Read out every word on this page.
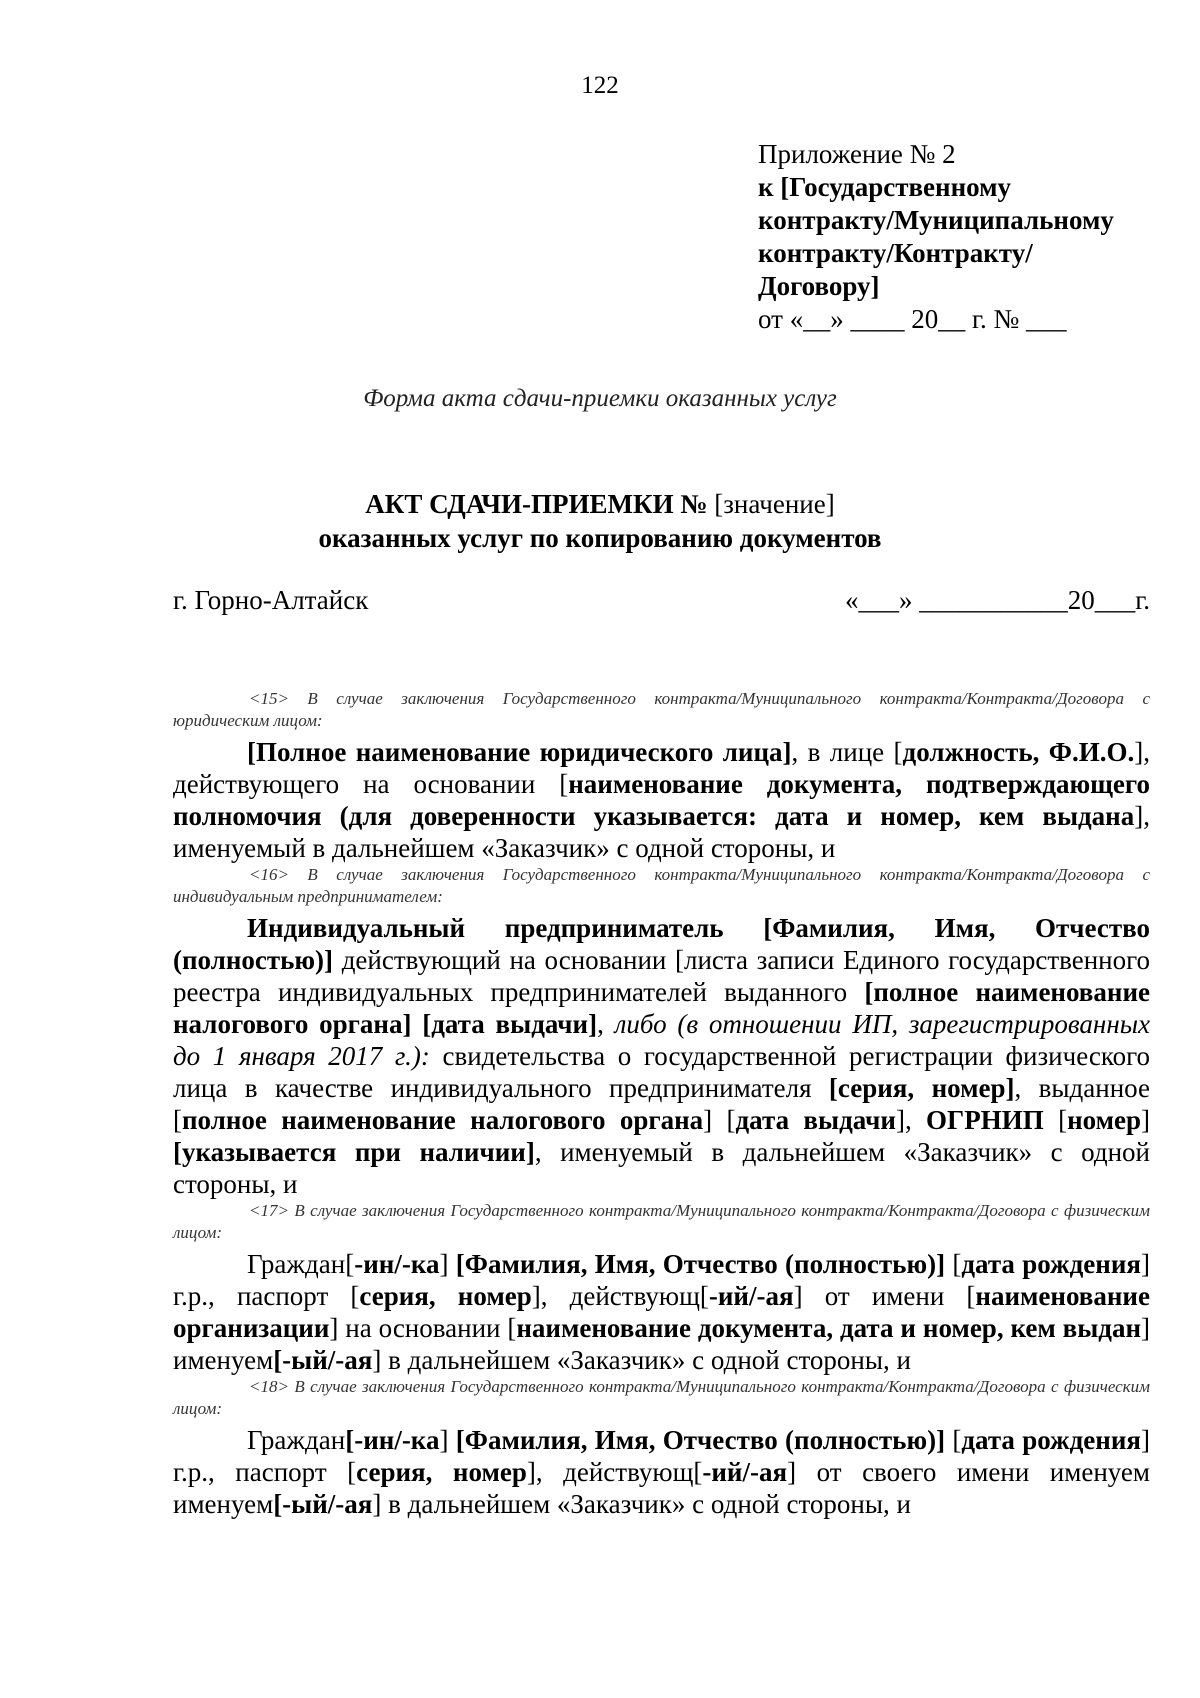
122
Приложение № 2
к [Государственному
контракту/Муниципальному
контракту/Контракту/
Договору]
от «__» ____ 20__ г. № ___
Форма акта сдачи-приемки оказанных услуг
АКТ СДАЧИ-ПРИЕМКИ № [значение]
оказанных услуг по копированию документов
г. Горно-Алтайск	«___» ___________20___г.

<15> В случае заключения Государственного контракта/Муниципального контракта/Контракта/Договора с юридическим лицом:

[Полное наименование юридического лица], в лице [должность, Ф.И.О.], действующего на основании [наименование документа, подтверждающего полномочия (для доверенности указывается: дата и номер, кем выдана], именуемый в дальнейшем «Заказчик» с одной стороны, и

<16> В случае заключения Государственного контракта/Муниципального контракта/Контракта/Договора с индивидуальным предпринимателем:

Индивидуальный предприниматель [Фамилия, Имя, Отчество (полностью)] действующий на основании [листа записи Единого государственного реестра индивидуальных предпринимателей выданного [полное наименование налогового органа] [дата выдачи], либо (в отношении ИП, зарегистрированных до 1 января 2017 г.): свидетельства о государственной регистрации физического лица в качестве индивидуального предпринимателя [серия, номер], выданное [полное наименование налогового органа] [дата выдачи], ОГРНИП [номер] [указывается при наличии], именуемый в дальнейшем «Заказчик» с одной стороны, и

<17> В случае заключения Государственного контракта/Муниципального контракта/Контракта/Договора с физическим лицом:

Граждан[-ин/-ка] [Фамилия, Имя, Отчество (полностью)] [дата рождения] г.р., паспорт [серия, номер], действующ[-ий/-ая] от имени [наименование организации] на основании [наименование документа, дата и номер, кем выдан] именуем[-ый/-ая] в дальнейшем «Заказчик» с одной стороны, и

<18> В случае заключения Государственного контракта/Муниципального контракта/Контракта/Договора с физическим лицом:

Граждан[-ин/-ка] [Фамилия, Имя, Отчество (полностью)] [дата рождения] г.р., паспорт [серия, номер], действующ[-ий/-ая] от своего имени именуем именуем[-ый/-ая] в дальнейшем «Заказчик» с одной стороны, и
